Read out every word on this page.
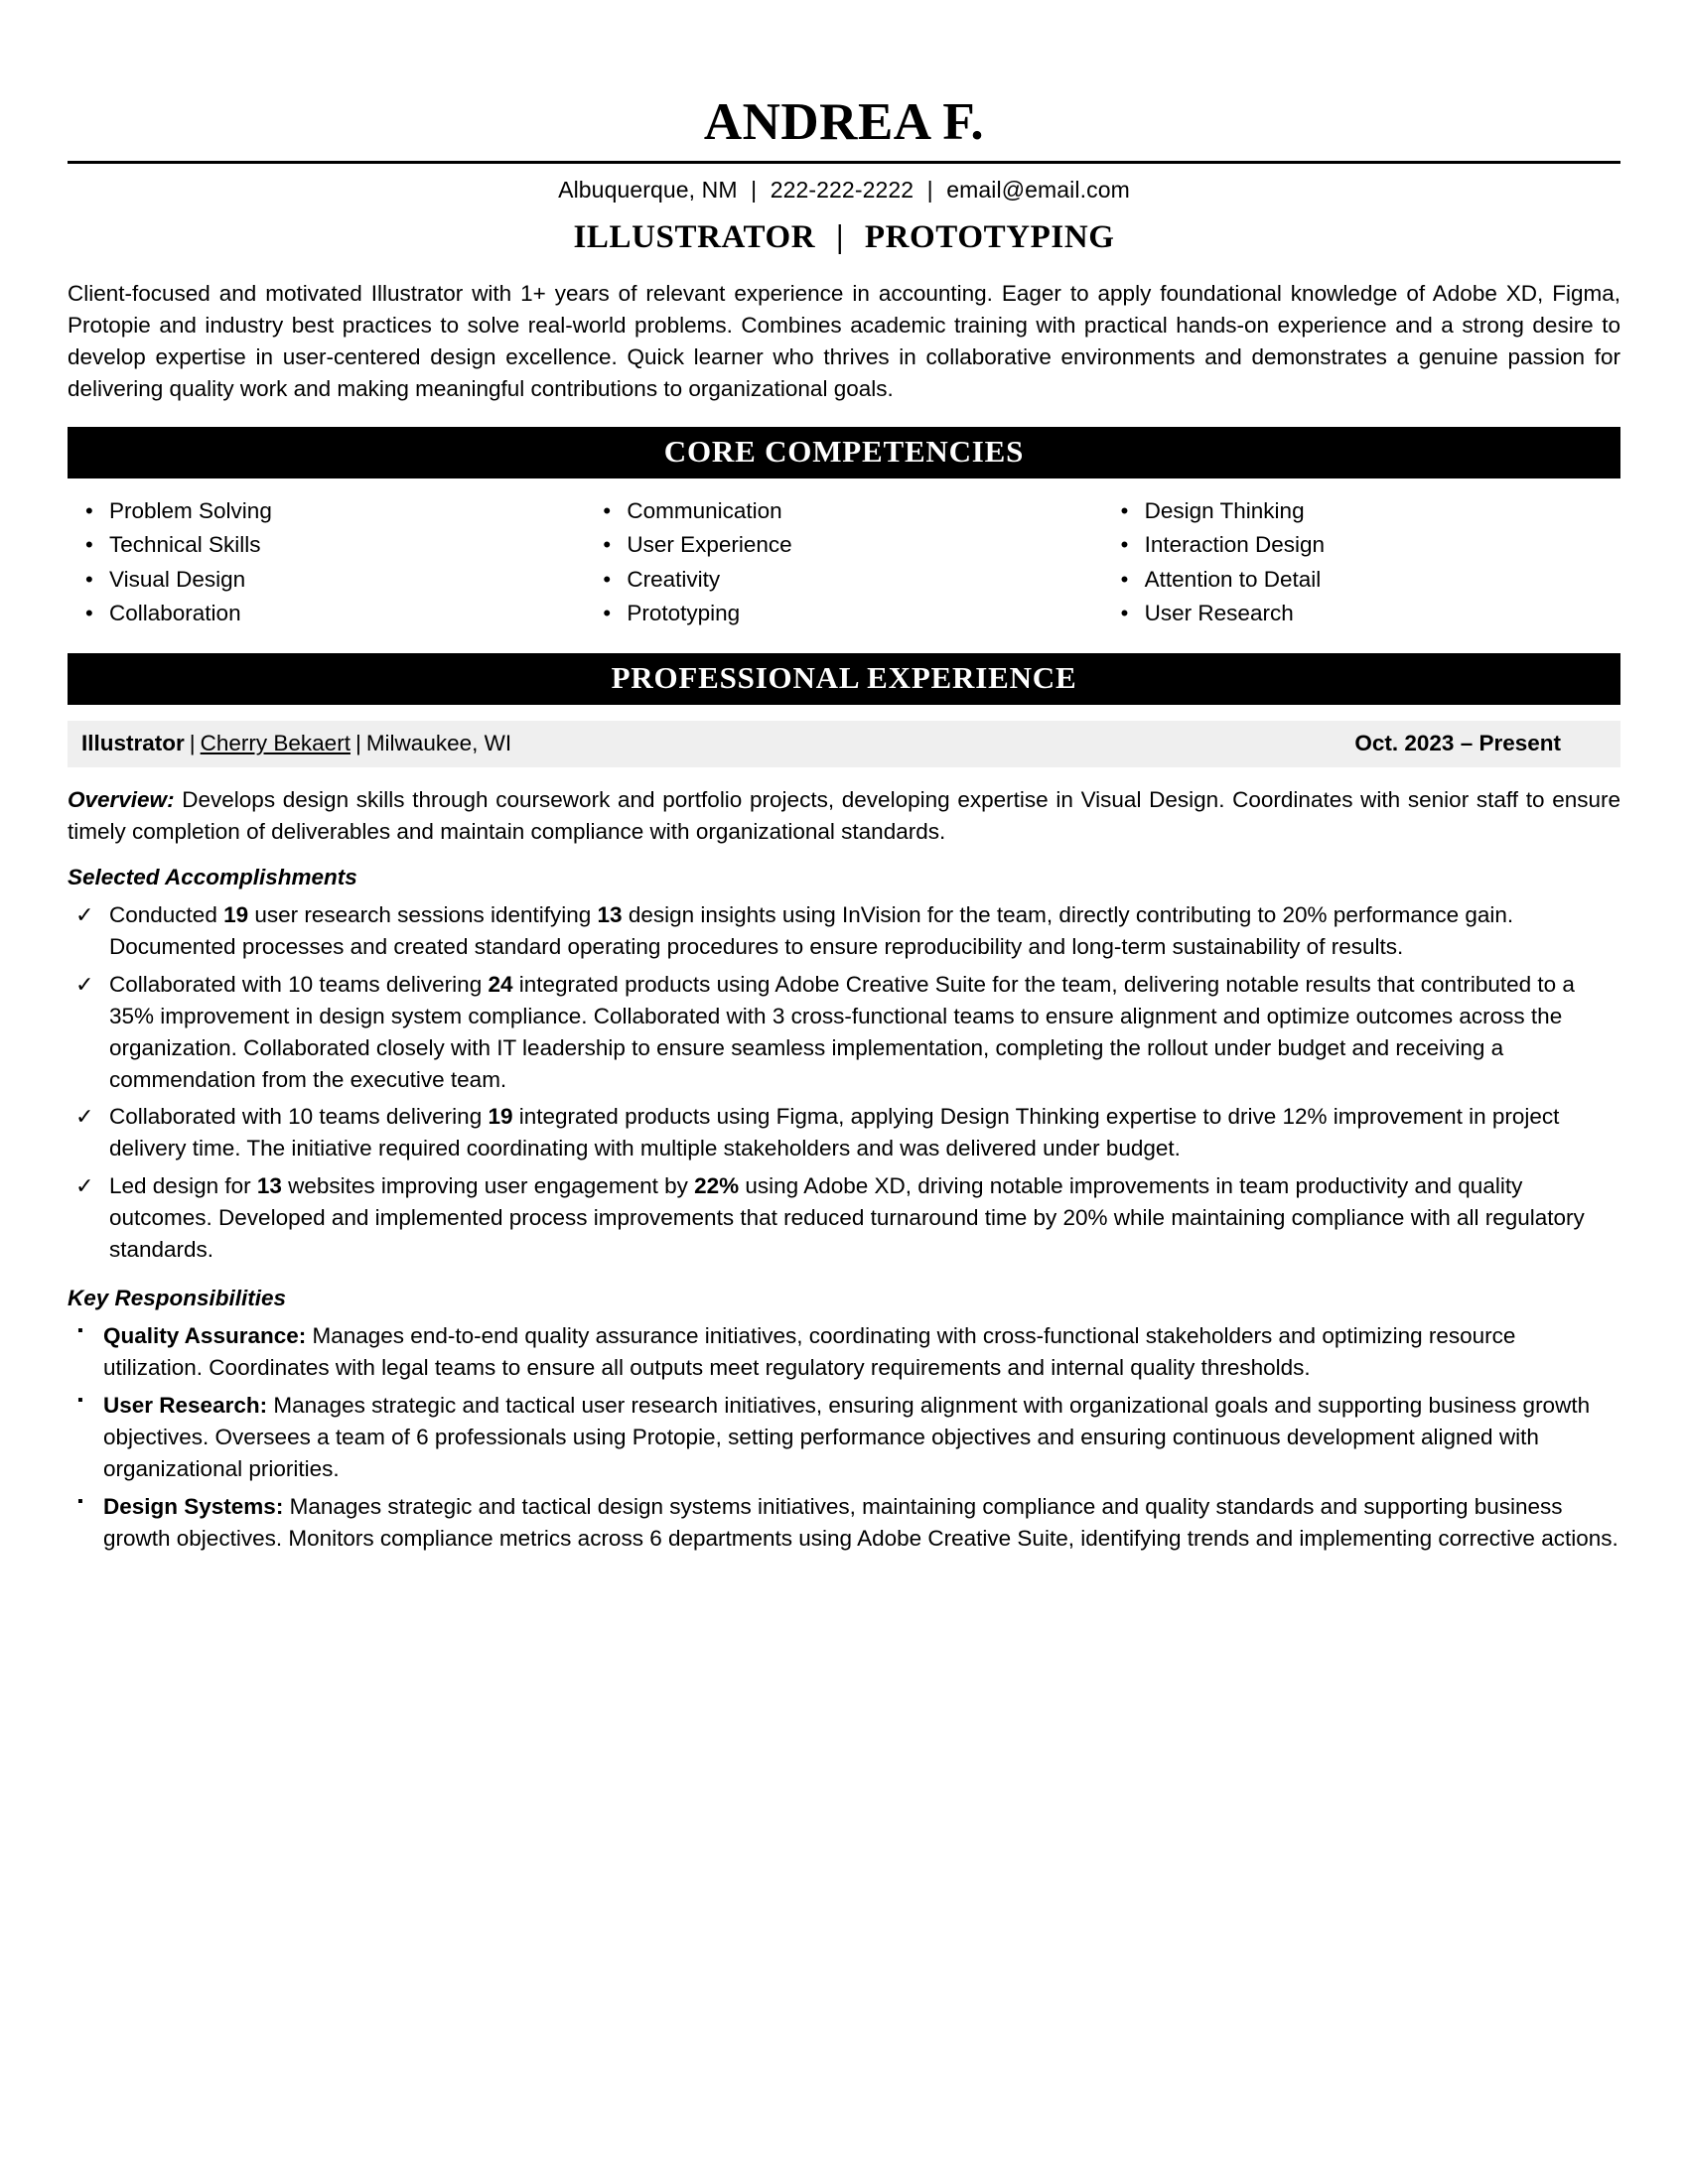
ANDREA F.
Albuquerque, NM | 222-222-2222 | email@email.com
ILLUSTRATOR | PROTOTYPING
Client-focused and motivated Illustrator with 1+ years of relevant experience in accounting. Eager to apply foundational knowledge of Adobe XD, Figma, Protopie and industry best practices to solve real-world problems. Combines academic training with practical hands-on experience and a strong desire to develop expertise in user-centered design excellence. Quick learner who thrives in collaborative environments and demonstrates a genuine passion for delivering quality work and making meaningful contributions to organizational goals.
CORE COMPETENCIES
• Problem Solving
• Technical Skills
• Visual Design
• Collaboration
• Communication
• User Experience
• Creativity
• Prototyping
• Design Thinking
• Interaction Design
• Attention to Detail
• User Research
PROFESSIONAL EXPERIENCE
Illustrator | Cherry Bekaert | Milwaukee, WI	Oct. 2023 – Present
Overview: Develops design skills through coursework and portfolio projects, developing expertise in Visual Design. Coordinates with senior staff to ensure timely completion of deliverables and maintain compliance with organizational standards.
Selected Accomplishments
✓ Conducted 19 user research sessions identifying 13 design insights using InVision for the team, directly contributing to 20% performance gain. Documented processes and created standard operating procedures to ensure reproducibility and long-term sustainability of results.
✓ Collaborated with 10 teams delivering 24 integrated products using Adobe Creative Suite for the team, delivering notable results that contributed to a 35% improvement in design system compliance. Collaborated with 3 cross-functional teams to ensure alignment and optimize outcomes across the organization. Collaborated closely with IT leadership to ensure seamless implementation, completing the rollout under budget and receiving a commendation from the executive team.
✓ Collaborated with 10 teams delivering 19 integrated products using Figma, applying Design Thinking expertise to drive 12% improvement in project delivery time. The initiative required coordinating with multiple stakeholders and was delivered under budget.
✓ Led design for 13 websites improving user engagement by 22% using Adobe XD, driving notable improvements in team productivity and quality outcomes. Developed and implemented process improvements that reduced turnaround time by 20% while maintaining compliance with all regulatory standards.
Key Responsibilities
▪ Quality Assurance: Manages end-to-end quality assurance initiatives, coordinating with cross-functional stakeholders and optimizing resource utilization. Coordinates with legal teams to ensure all outputs meet regulatory requirements and internal quality thresholds.
▪ User Research: Manages strategic and tactical user research initiatives, ensuring alignment with organizational goals and supporting business growth objectives. Oversees a team of 6 professionals using Protopie, setting performance objectives and ensuring continuous development aligned with organizational priorities.
▪ Design Systems: Manages strategic and tactical design systems initiatives, maintaining compliance and quality standards and supporting business growth objectives. Monitors compliance metrics across 6 departments using Adobe Creative Suite, identifying trends and implementing corrective actions.
